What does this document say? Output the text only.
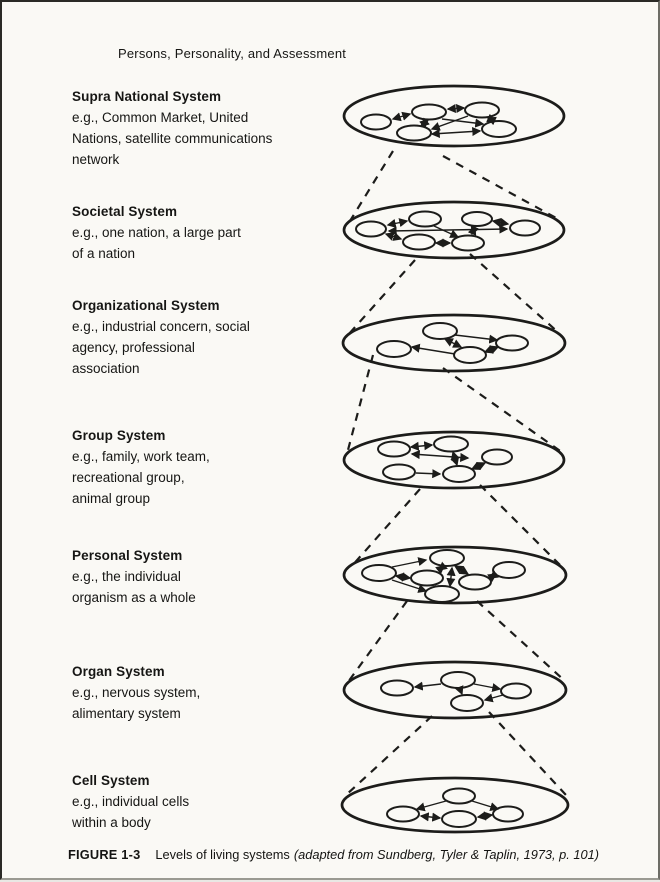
Persons, Personality, and Assessment
Supra National System
e.g., Common Market, United
Nations, satellite communications
network
Societal System
e.g., one nation, a large part
of a nation
Organizational System
e.g., industrial concern, social
agency, professional
association
Group System
e.g., family, work team,
recreational group,
animal group
Personal System
e.g., the individual
organism as a whole
Organ System
e.g., nervous system,
alimentary system
Cell System
e.g., individual cells
within a body
FIGURE 1-3 Levels of living systems (adapted from Sundberg, Tyler & Taplin, 1973, p. 101)
